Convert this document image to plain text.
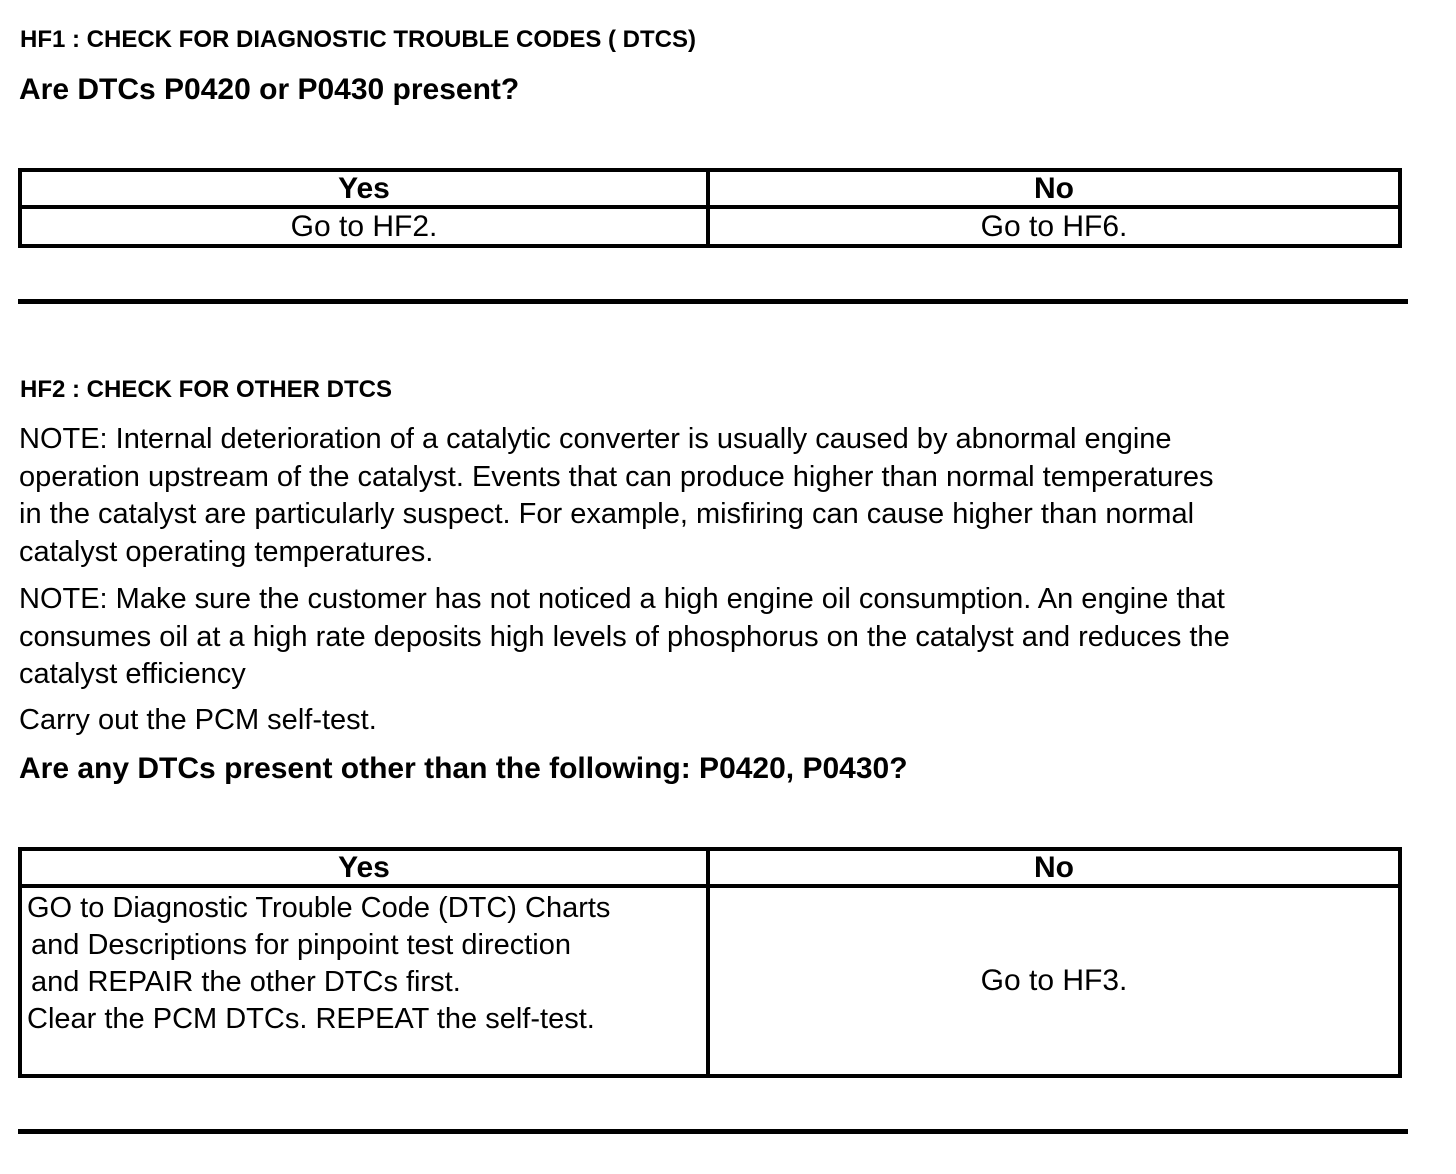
HF1 : CHECK FOR DIAGNOSTIC TROUBLE CODES ( DTCS)

Are DTCs P0420 or P0430 present?

Yes	No
Go to HF2.	Go to HF6.
HF2 : CHECK FOR OTHER DTCS
NOTE: Internal deterioration of a catalytic converter is usually caused by abnormal engine
operation upstream of the catalyst. Events that can produce higher than normal temperatures
in the catalyst are particularly suspect. For example, misfiring can cause higher than normal
catalyst operating temperatures.
NOTE: Make sure the customer has not noticed a high engine oil consumption. An engine that
consumes oil at a high rate deposits high levels of phosphorus on the catalyst and reduces the
catalyst efficiency

Carry out the PCM self-test.

Are any DTCs present other than the following: P0420, P0430?

Yes	No

GO to Diagnostic Trouble Code (DTC) Charts
and Descriptions for pinpoint test direction
and REPAIR the other DTCs first.
Clear the PCM DTCs. REPEAT the self-test.	Go to HF3.
